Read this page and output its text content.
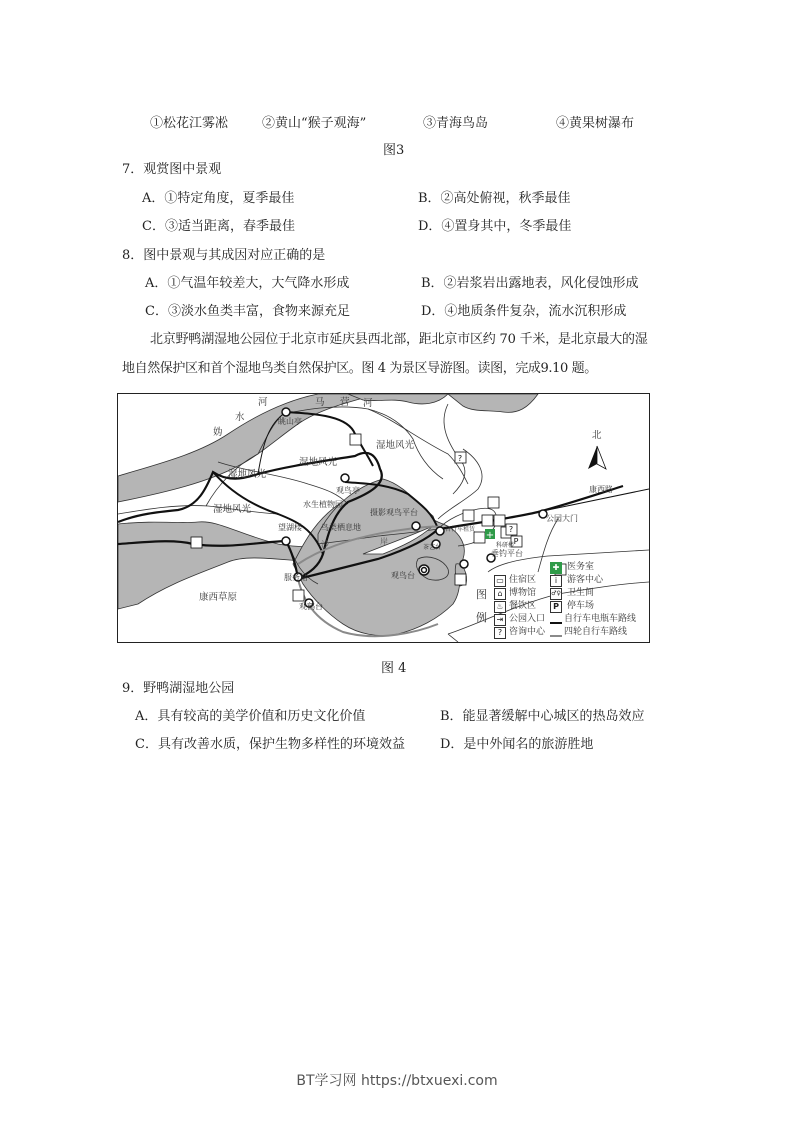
①松花江雾凇	②黄山“猴子观海”	③青海鸟岛	④黄果树瀑布
图3
7．观赏图中景观
A．①特定角度，夏季最佳	B．②高处俯视，秋季最佳
C．③适当距离，春季最佳	D．④置身其中，冬季最佳
8．图中景观与其成因对应正确的是
A．①气温年较差大，大气降水形成	B．②岩浆岩出露地表，风化侵蚀形成
C．③淡水鱼类丰富，食物来源充足	D．④地质条件复杂，流水沉积形成
北京野鸭湖湿地公园位于北京市延庆县西北部，距北京市区约 70 千米，是北京最大的湿
地自然保护区和首个湿地鸟类自然保护区。图 4 为景区导游图。读图，完成9.10 题。
+
?
P
?
妫
水
河	马 营 河
眺山亭
湿地风光
湿地风光
湿地风光
湿地风光
观鸟亭
水生植物园
望湖楼 鸟类栖息地
摄影观鸟平台
沙	岸
服务站
观鹤台
康西草原
观鸟台
垂钓平台
公园大门
康西路
北
自行车租赁
茶艺台	科研楼
图
例
✚ 医务室
▭ 住宿区	i	游客中心
⌂ 博物馆	♂♀ 卫生间
♨ 餐饮区	P 停车场
⇥ 公园入口 自行车电瓶车路线
? 咨询中心 四轮自行车路线
图 4
9．野鸭湖湿地公园
A．具有较高的美学价值和历史文化价值	B．能显著缓解中心城区的热岛效应
C．具有改善水质，保护生物多样性的环境效益	D．是中外闻名的旅游胜地
BT学习网 https://btxuexi.com
